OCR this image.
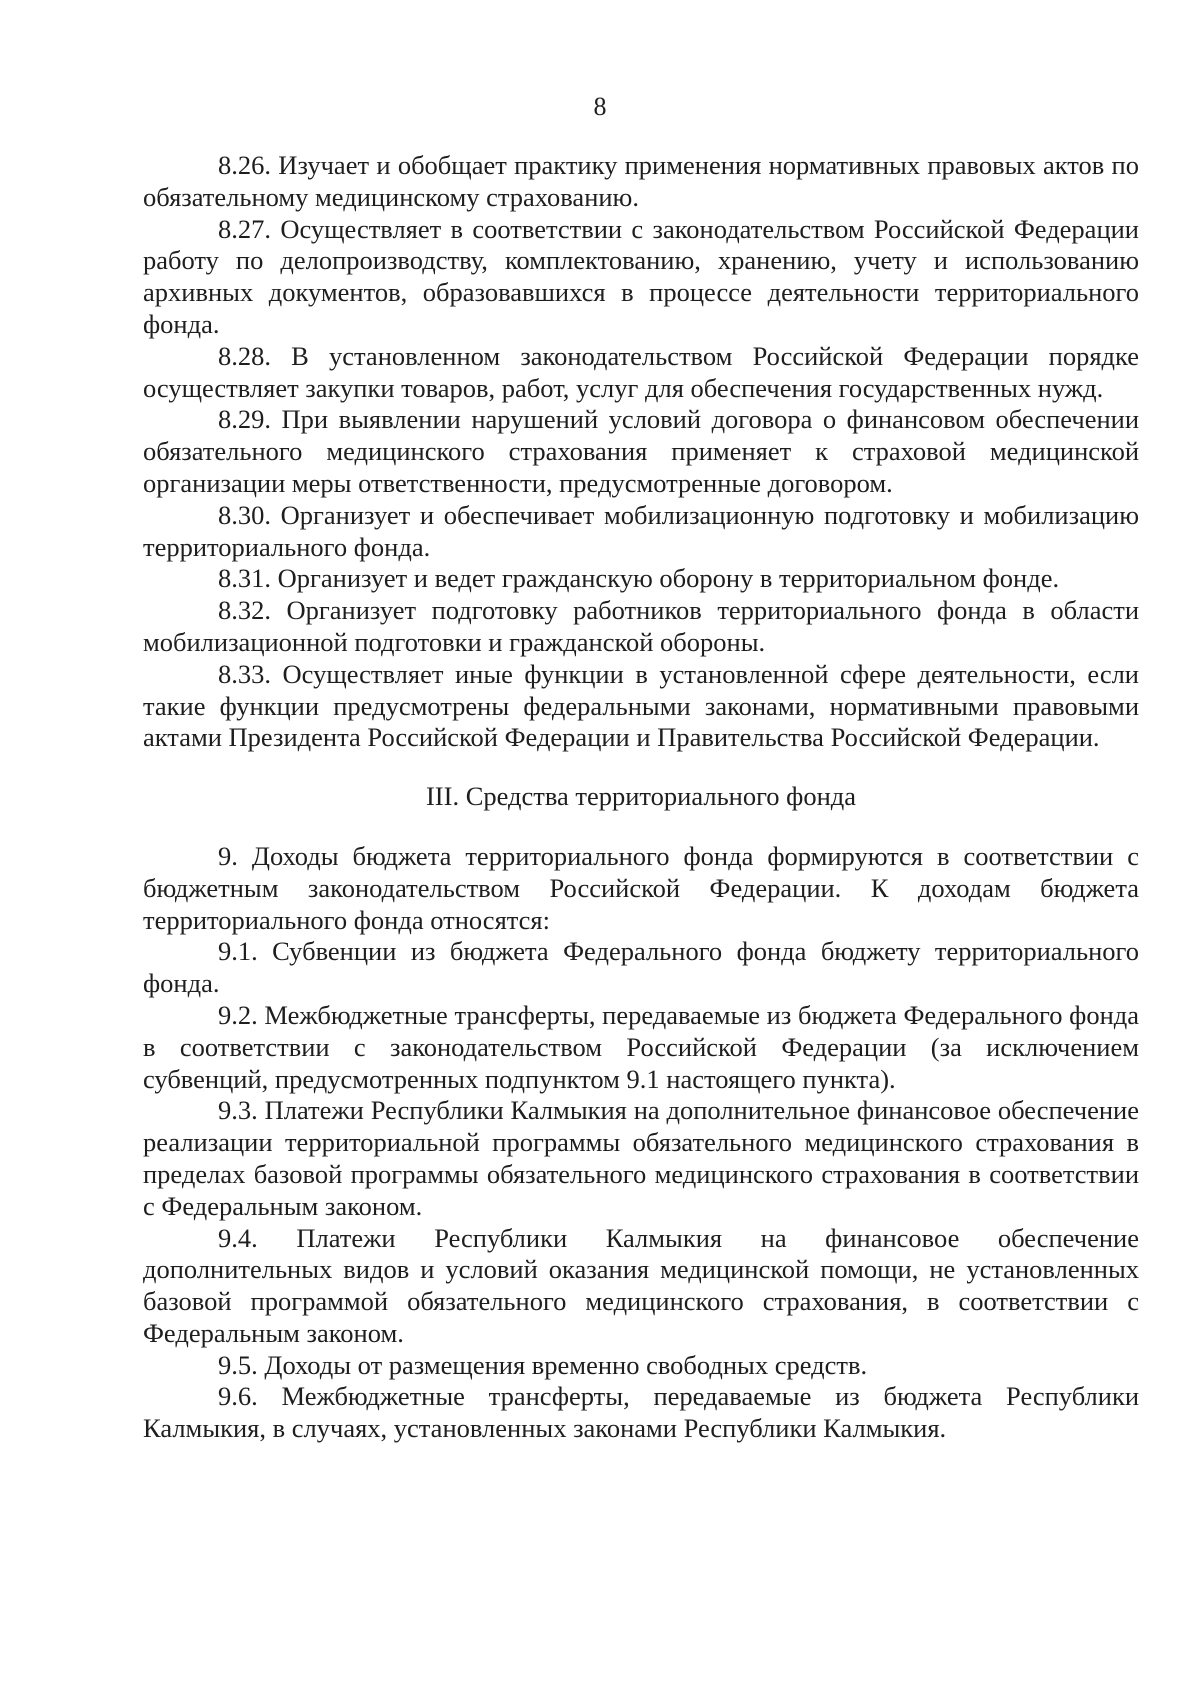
8

8.26. Изучает и обобщает практику применения нормативных правовых актов по обязательному медицинскому страхованию.

8.27. Осуществляет в соответствии с законодательством Российской Федерации работу по делопроизводству, комплектованию, хранению, учету и использованию архивных документов, образовавшихся в процессе деятельности территориального фонда.

8.28. В установленном законодательством Российской Федерации порядке осуществляет закупки товаров, работ, услуг для обеспечения государственных нужд.

8.29. При выявлении нарушений условий договора о финансовом обеспечении обязательного медицинского страхования применяет к страховой медицинской организации меры ответственности, предусмотренные договором.

8.30. Организует и обеспечивает мобилизационную подготовку и мобилизацию территориального фонда.

8.31. Организует и ведет гражданскую оборону в территориальном фонде.

8.32. Организует подготовку работников территориального фонда в области мобилизационной подготовки и гражданской обороны.

8.33. Осуществляет иные функции в установленной сфере деятельности, если такие функции предусмотрены федеральными законами, нормативными правовыми актами Президента Российской Федерации и Правительства Российской Федерации.

III. Средства территориального фонда

9. Доходы бюджета территориального фонда формируются в соответствии с бюджетным законодательством Российской Федерации. К доходам бюджета территориального фонда относятся:

9.1. Субвенции из бюджета Федерального фонда бюджету территориального фонда.

9.2. Межбюджетные трансферты, передаваемые из бюджета Федерального фонда в соответствии с законодательством Российской Федерации (за исключением субвенций, предусмотренных подпунктом 9.1 настоящего пункта).

9.3. Платежи Республики Калмыкия на дополнительное финансовое обеспечение реализации территориальной программы обязательного медицинского страхования в пределах базовой программы обязательного медицинского страхования в соответствии с Федеральным законом.

9.4. Платежи Республики Калмыкия на финансовое обеспечение дополнительных видов и условий оказания медицинской помощи, не установленных базовой программой обязательного медицинского страхования, в соответствии с Федеральным законом.

9.5. Доходы от размещения временно свободных средств.

9.6. Межбюджетные трансферты, передаваемые из бюджета Республики Калмыкия, в случаях, установленных законами Республики Калмыкия.
